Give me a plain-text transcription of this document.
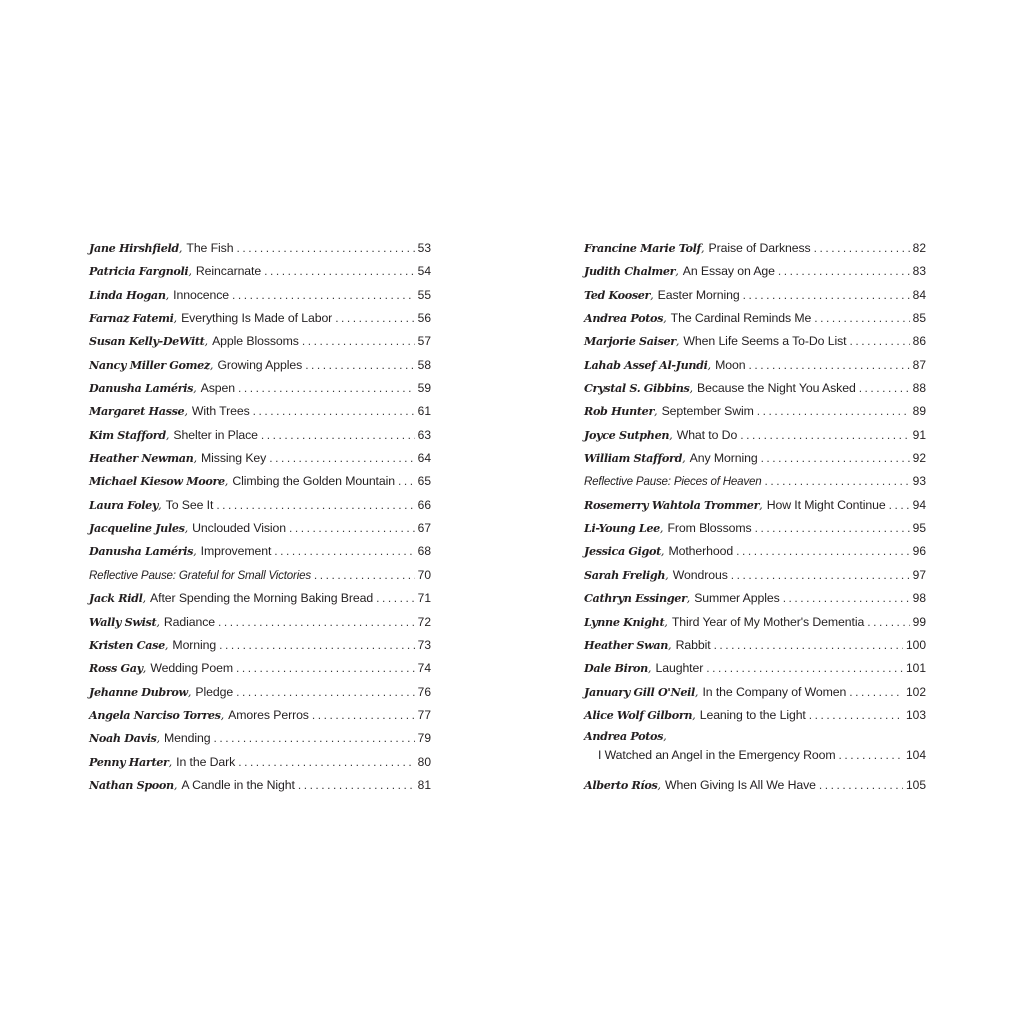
Jane Hirshfield , The Fish . . .	53
Patricia Fargnoli , Reincarnate . . .	54
Linda Hogan , Innocence . . .	55
Farnaz Fatemi , Everything Is Made of Labor . . .	56
Susan Kelly-DeWitt , Apple Blossoms . . .	57
Nancy Miller Gomez , Growing Apples . . .	58
Danusha Laméris , Aspen . . .	59
Margaret Hasse , With Trees . . .	61
Kim Stafford , Shelter in Place . . .	63
Heather Newman , Missing Key . . .	64
Michael Kiesow Moore , Climbing the Golden Mountain . . . 65
Laura Foley , To See It . . .	66
Jacqueline Jules , Unclouded Vision . . .	67
Danusha Laméris , Improvement . . .	68
Reflective Pause: Grateful for Small Victories . . .	70
Jack Ridl , After Spending the Morning Baking Bread . . .	71
Wally Swist , Radiance . . .	72
Kristen Case , Morning . . .	73
Ross Gay , Wedding Poem . . .	74
Jehanne Dubrow , Pledge . . .	76
Angela Narciso Torres , Amores Perros . . .	77
Noah Davis , Mending . . .	79
Penny Harter , In the Dark . . .	80
Nathan Spoon , A Candle in the Night . . .	81
Francine Marie Tolf , Praise of Darkness . . .	82
Judith Chalmer , An Essay on Age . . .	83
Ted Kooser , Easter Morning . . .	84
Andrea Potos , The Cardinal Reminds Me . . .	85
Marjorie Saiser , When Life Seems a To-Do List . . .	86
Lahab Assef Al-Jundi , Moon . . .	87
Crystal S. Gibbins , Because the Night You Asked . . .	88
Rob Hunter , September Swim . . .	89
Joyce Sutphen , What to Do . . .	91
William Stafford , Any Morning . . .	92
Reflective Pause: Pieces of Heaven . . .	93
Rosemerry Wahtola Trommer , How It Might Continue . . . 94
Li-Young Lee , From Blossoms . . .	95
Jessica Gigot , Motherhood . . .	96
Sarah Freligh , Wondrous . . .	97
Cathryn Essinger , Summer Apples . . .	98
Lynne Knight , Third Year of My Mother's Dementia . . .	99
Heather Swan , Rabbit . . .	100
Dale Biron , Laughter . . .	101
January Gill O'Neil , In the Company of Women . . .	102
Alice Wolf Gilborn , Leaning to the Light . . .	103
Andrea Potos ,
I Watched an Angel in the Emergency Room . . .	104
Alberto Ríos , When Giving Is All We Have . . .	105
